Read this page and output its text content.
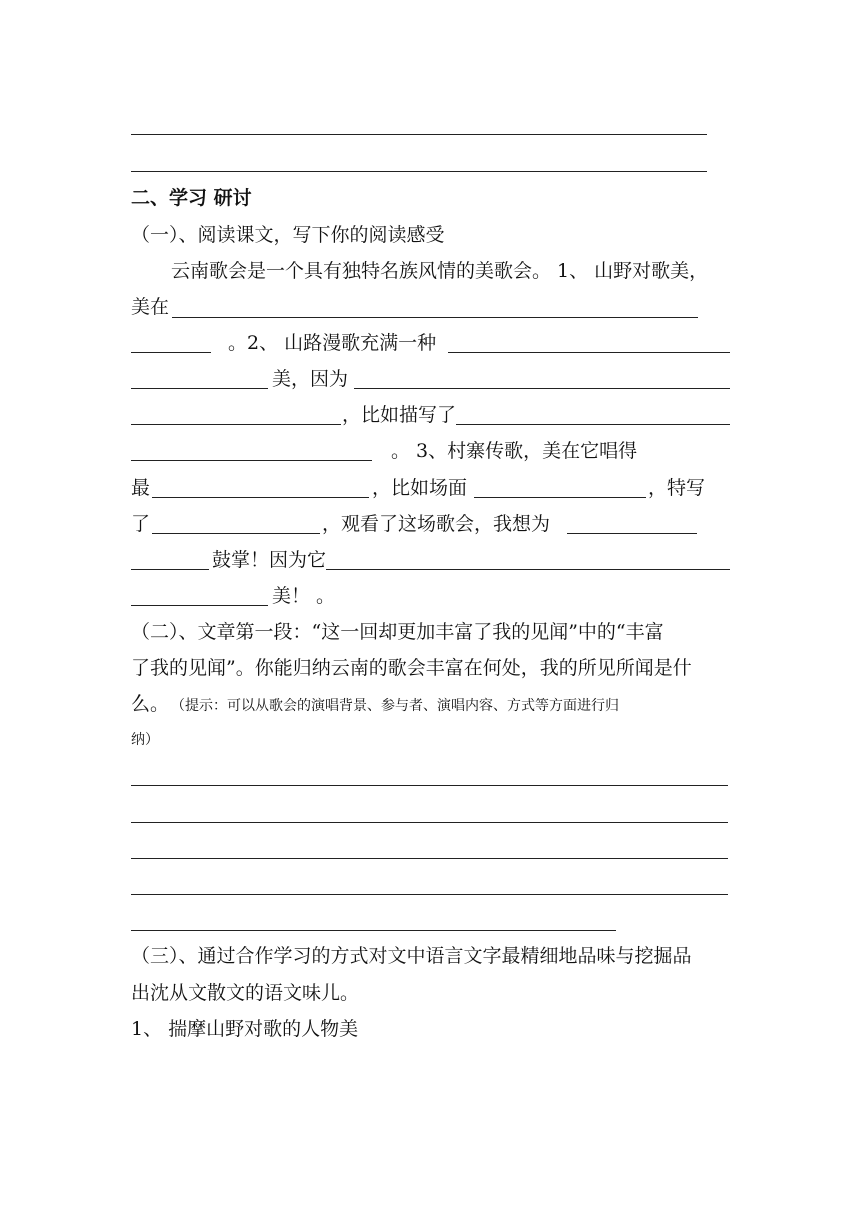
二、学习 研讨
（一）、阅读课文，写下你的阅读感受
云南歌会是一个具有独特名族风情的美歌会。 1、 山野对歌美，
美在
。2、 山路漫歌充满一种
美，因为
，比如描写了
。 3、村寨传歌，美在它唱得
最	，比如场面	，特写
了	，观看了这场歌会，我想为
鼓掌！因为它
美！ 。
（二）、文章第一段：“这一回却更加丰富了我的见闻”中的“丰富
了我的见闻”。你能归纳云南的歌会丰富在何处，我的所见所闻是什
么。 （提示：可以从歌会的演唱背景、参与者、演唱内容、方式等方面进行归
纳）
（三）、通过合作学习的方式对文中语言文字最精细地品味与挖掘品
出沈从文散文的语文味儿。
1、 揣摩山野对歌的人物美
